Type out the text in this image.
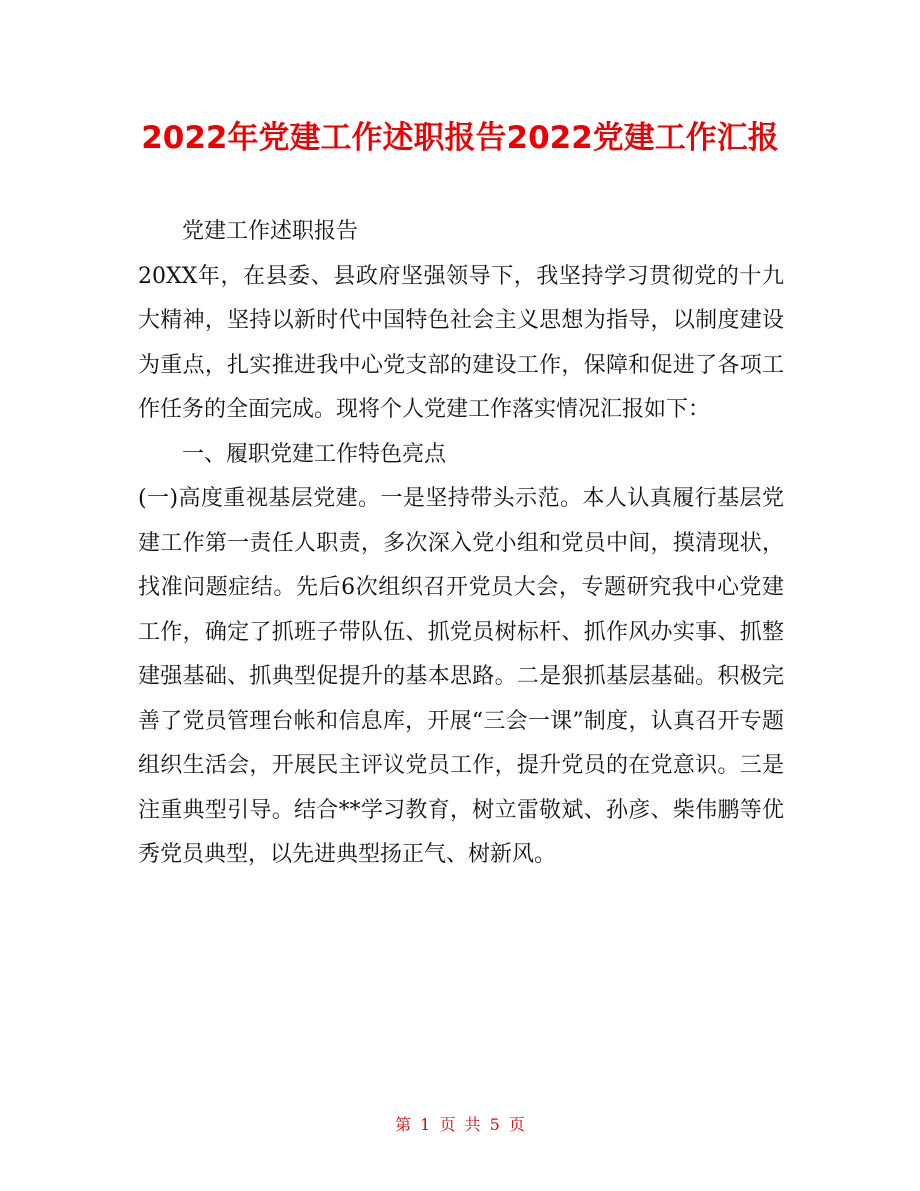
2022年党建工作述职报告2022党建工作汇报

党建工作述职报告

20XX年，在县委、县政府坚强领导下，我坚持学习贯彻党的十九大精神，坚持以新时代中国特色社会主义思想为指导，以制度建设为重点，扎实推进我中心党支部的建设工作，保障和促进了各项工作任务的全面完成。现将个人党建工作落实情况汇报如下：

一、履职党建工作特色亮点

(一)高度重视基层党建。一是坚持带头示范。本人认真履行基层党建工作第一责任人职责，多次深入党小组和党员中间，摸清现状，找准问题症结。先后6次组织召开党员大会，专题研究我中心党建工作，确定了抓班子带队伍、抓党员树标杆、抓作风办实事、抓整建强基础、抓典型促提升的基本思路。二是狠抓基层基础。积极完善了党员管理台帐和信息库，开展“三会一课”制度，认真召开专题组织生活会，开展民主评议党员工作，提升党员的在党意识。三是注重典型引导。结合**学习教育，树立雷敬斌、孙彦、柴伟鹏等优秀党员典型，以先进典型扬正气、树新风。

第 1 页 共 5 页
